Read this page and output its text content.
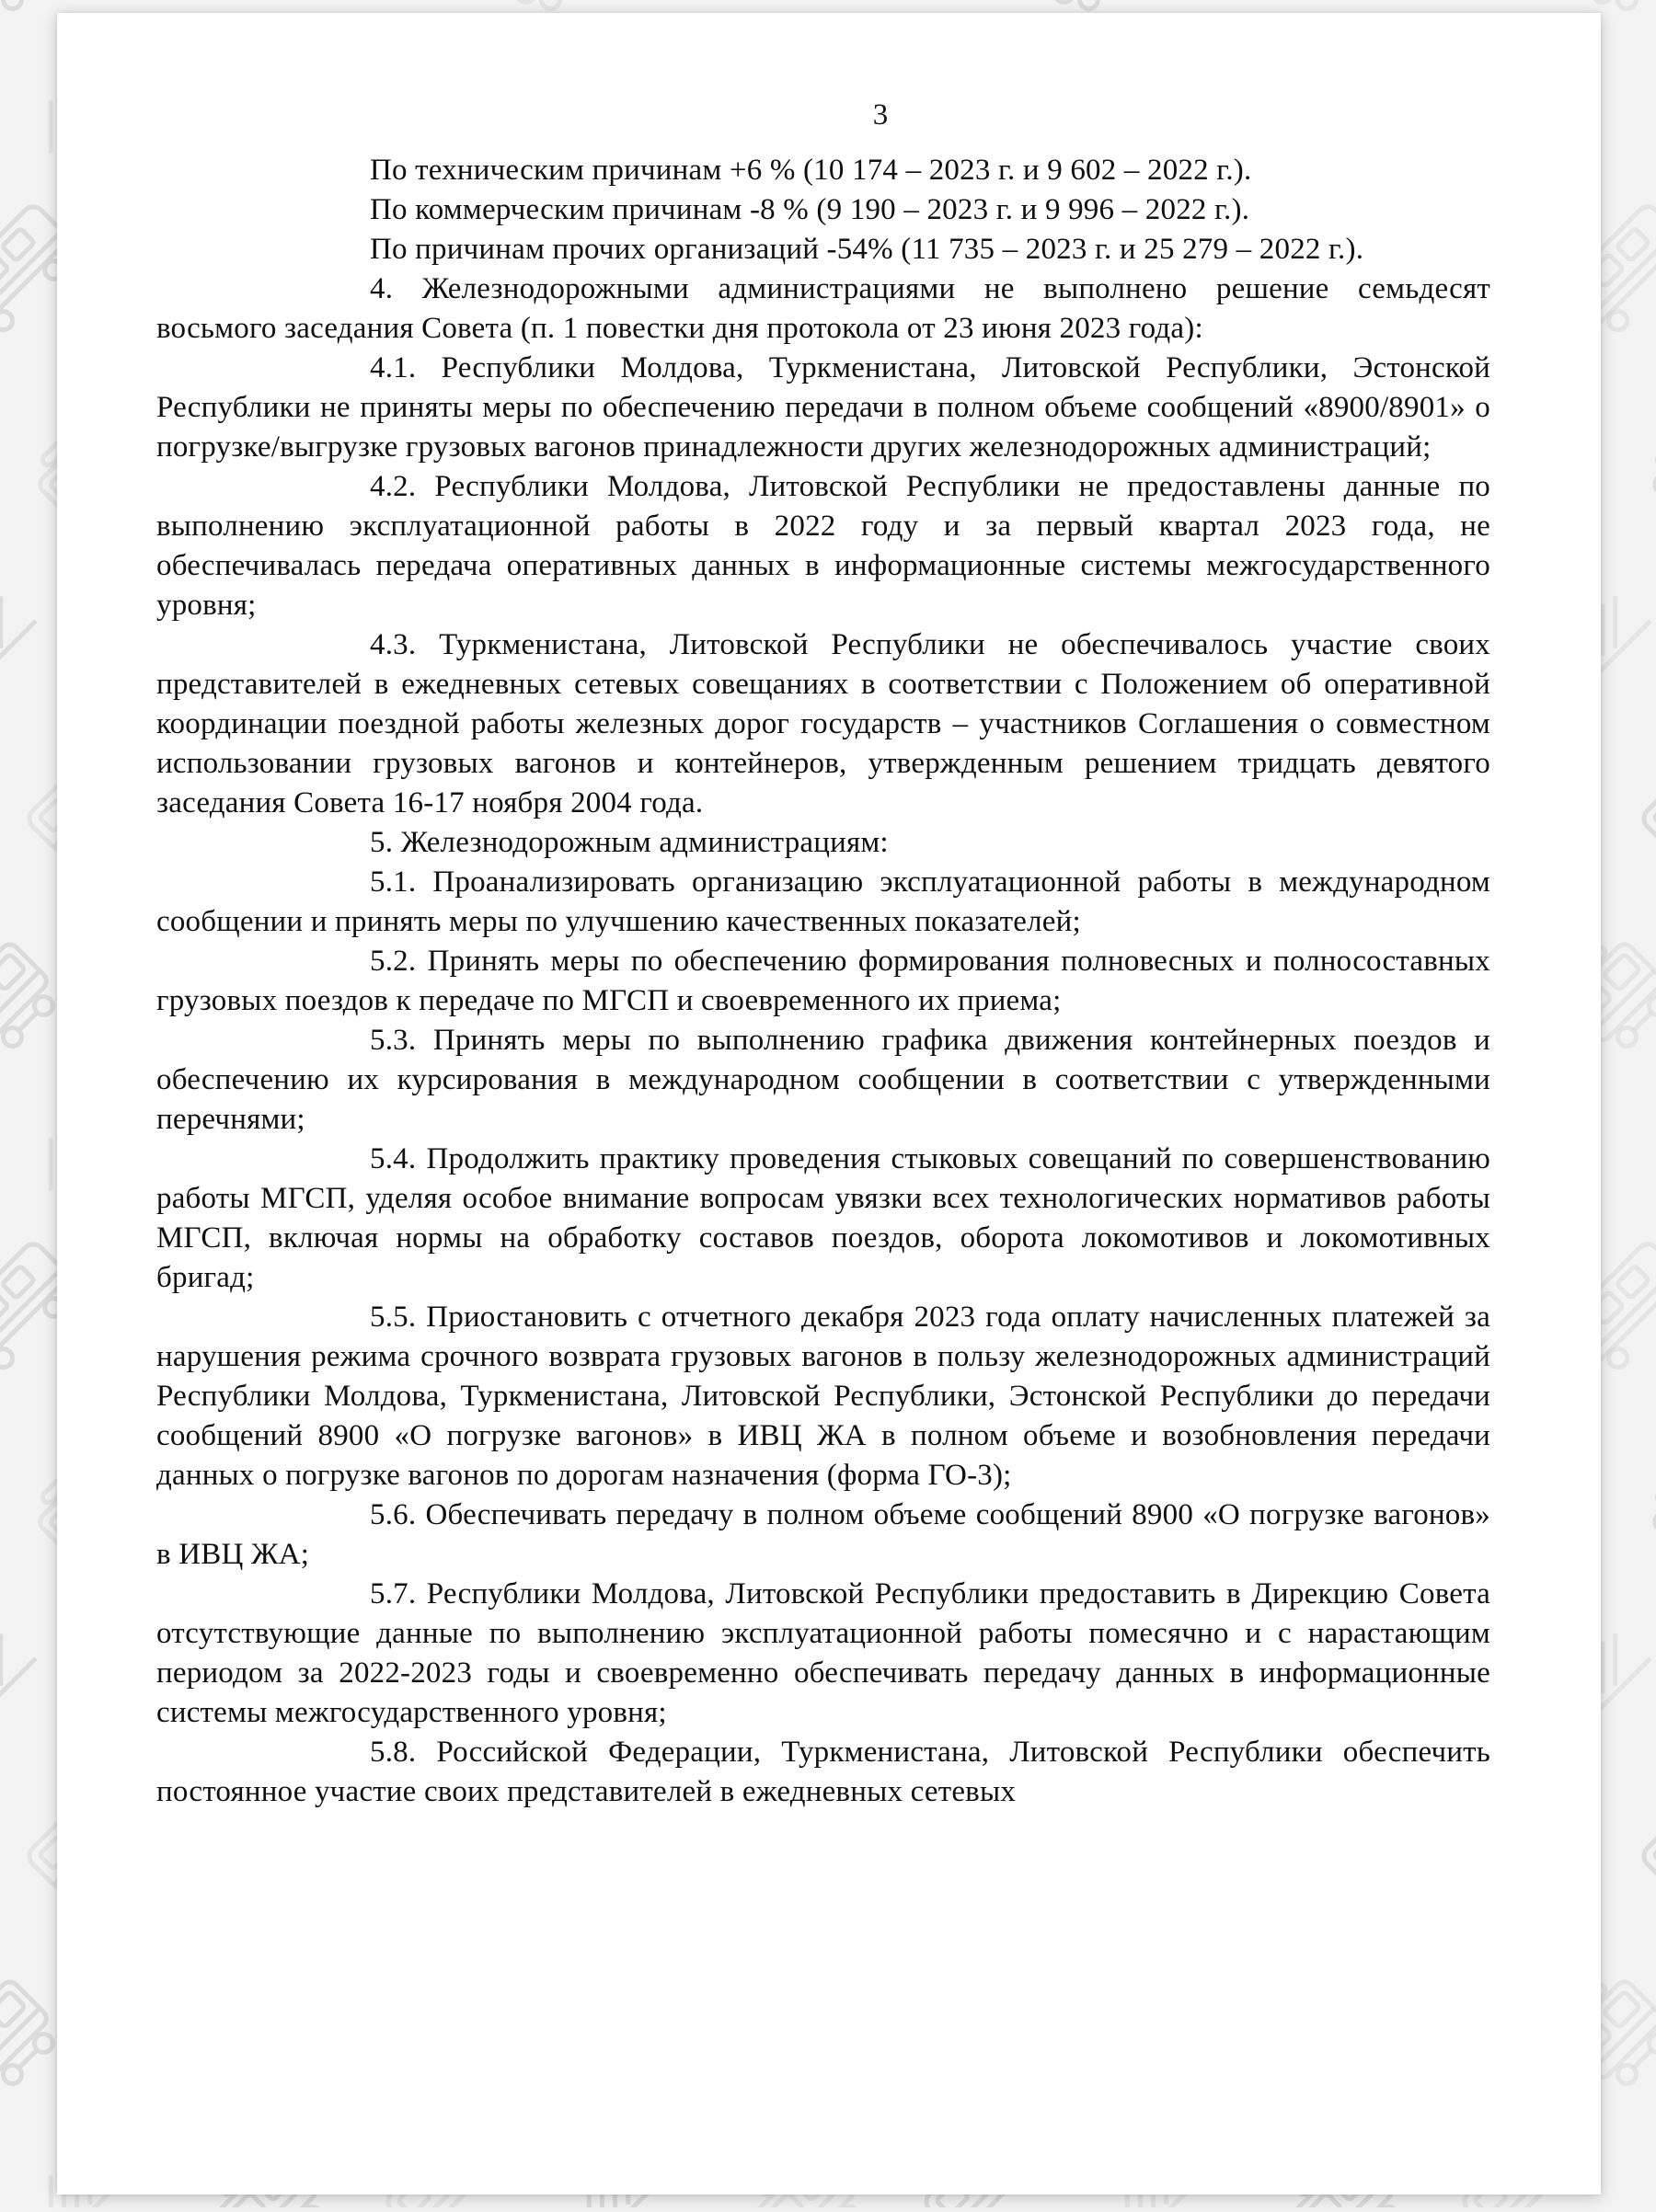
3

По техническим причинам +6 % (10 174 – 2023 г. и 9 602 – 2022 г.).

По коммерческим причинам -8 % (9 190 – 2023 г. и 9 996 – 2022 г.).

По причинам прочих организаций -54% (11 735 – 2023 г. и 25 279 – 2022 г.).

4. Железнодорожными администрациями не выполнено решение семьдесят восьмого заседания Совета (п. 1 повестки дня протокола от 23 июня 2023 года):

4.1. Республики Молдова, Туркменистана, Литовской Республики, Эстонской Республики не приняты меры по обеспечению передачи в полном объеме сообщений «8900/8901» о погрузке/выгрузке грузовых вагонов принадлежности других железнодорожных администраций;

4.2. Республики Молдова, Литовской Республики не предоставлены данные по выполнению эксплуатационной работы в 2022 году и за первый квартал 2023 года, не обеспечивалась передача оперативных данных в информационные системы межгосударственного уровня;

4.3. Туркменистана, Литовской Республики не обеспечивалось участие своих представителей в ежедневных сетевых совещаниях в соответствии с Положением об оперативной координации поездной работы железных дорог государств – участников Соглашения о совместном использовании грузовых вагонов и контейнеров, утвержденным решением тридцать девятого заседания Совета 16-17 ноября 2004 года.

5. Железнодорожным администрациям:

5.1. Проанализировать организацию эксплуатационной работы в международном сообщении и принять меры по улучшению качественных показателей;

5.2. Принять меры по обеспечению формирования полновесных и полносоставных грузовых поездов к передаче по МГСП и своевременного их приема;

5.3. Принять меры по выполнению графика движения контейнерных поездов и обеспечению их курсирования в международном сообщении в соответствии с утвержденными перечнями;

5.4. Продолжить практику проведения стыковых совещаний по совершенствованию работы МГСП, уделяя особое внимание вопросам увязки всех технологических нормативов работы МГСП, включая нормы на обработку составов поездов, оборота локомотивов и локомотивных бригад;

5.5. Приостановить с отчетного декабря 2023 года оплату начисленных платежей за нарушения режима срочного возврата грузовых вагонов в пользу железнодорожных администраций Республики Молдова, Туркменистана, Литовской Республики, Эстонской Республики до передачи сообщений 8900 «О погрузке вагонов» в ИВЦ ЖА в полном объеме и возобновления передачи данных о погрузке вагонов по дорогам назначения (форма ГО-3);

5.6. Обеспечивать передачу в полном объеме сообщений 8900 «О погрузке вагонов» в ИВЦ ЖА;

5.7. Республики Молдова, Литовской Республики предоставить в Дирекцию Совета отсутствующие данные по выполнению эксплуатационной работы помесячно и с нарастающим периодом за 2022-2023 годы и своевременно обеспечивать передачу данных в информационные системы межгосударственного уровня;

5.8. Российской Федерации, Туркменистана, Литовской Республики обеспечить постоянное участие своих представителей в ежедневных сетевых
